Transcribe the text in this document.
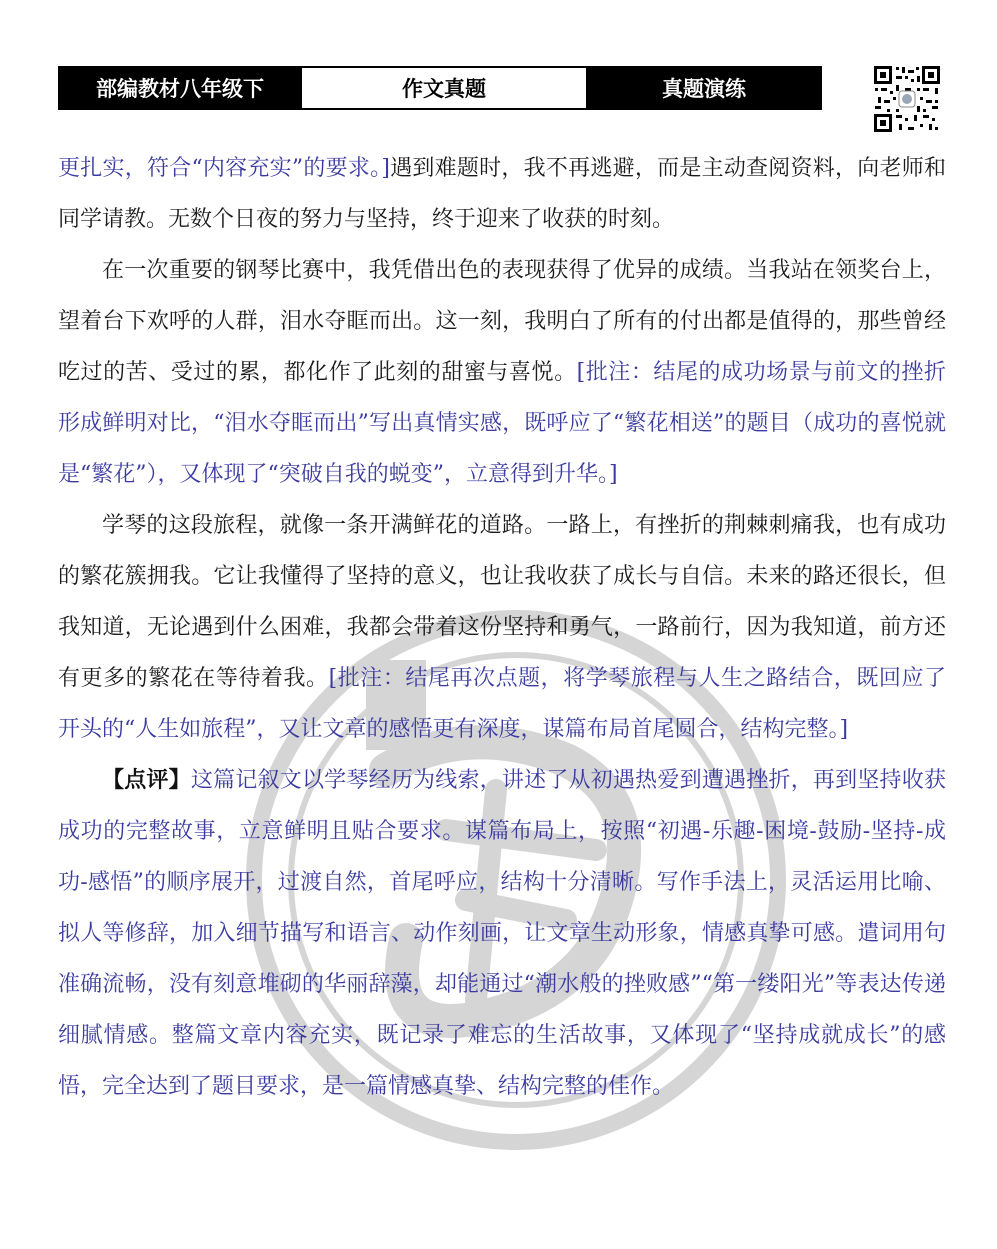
部编教材八年级下	作文真题	真题演练

更扎实，符合“内容充实”的要求。]遇到难题时，我不再逃避，而是主动查阅资料，向老师和同学请教。无数个日夜的努力与坚持，终于迎来了收获的时刻。

在一次重要的钢琴比赛中，我凭借出色的表现获得了优异的成绩。当我站在领奖台上，望着台下欢呼的人群，泪水夺眶而出。这一刻，我明白了所有的付出都是值得的，那些曾经吃过的苦、受过的累，都化作了此刻的甜蜜与喜悦。[批注：结尾的成功场景与前文的挫折形成鲜明对比，“泪水夺眶而出”写出真情实感，既呼应了“繁花相送”的题目（成功的喜悦就是“繁花”），又体现了“突破自我的蜕变”，立意得到升华。]

学琴的这段旅程，就像一条开满鲜花的道路。一路上，有挫折的荆棘刺痛我，也有成功的繁花簇拥我。它让我懂得了坚持的意义，也让我收获了成长与自信。未来的路还很长，但我知道，无论遇到什么困难，我都会带着这份坚持和勇气，一路前行，因为我知道，前方还有更多的繁花在等待着我。[批注：结尾再次点题，将学琴旅程与人生之路结合，既回应了开头的“人生如旅程”，又让文章的感悟更有深度，谋篇布局首尾圆合，结构完整。]

【点评】这篇记叙文以学琴经历为线索，讲述了从初遇热爱到遭遇挫折，再到坚持收获成功的完整故事，立意鲜明且贴合要求。谋篇布局上，按照“初遇-乐趣-困境-鼓励-坚持-成功-感悟”的顺序展开，过渡自然，首尾呼应，结构十分清晰。写作手法上，灵活运用比喻、拟人等修辞，加入细节描写和语言、动作刻画，让文章生动形象，情感真挚可感。遣词用句准确流畅，没有刻意堆砌的华丽辞藻，却能通过“潮水般的挫败感”“第一缕阳光”等表达传递细腻情感。整篇文章内容充实，既记录了难忘的生活故事，又体现了“坚持成就成长”的感悟，完全达到了题目要求，是一篇情感真挚、结构完整的佳作。
